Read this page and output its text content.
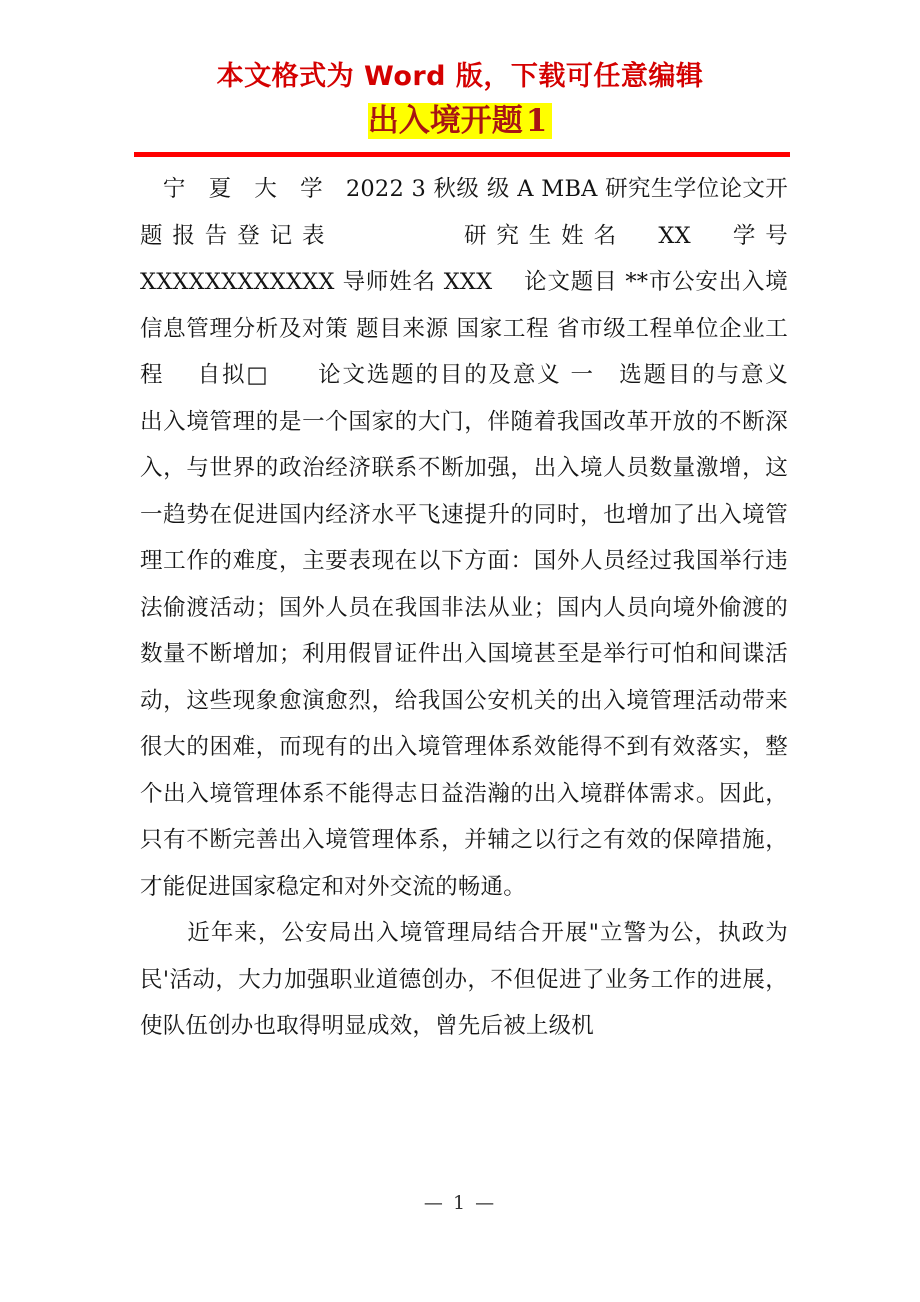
本文格式为 Word 版，下载可任意编辑
出入境开题1

　宁　夏　大　学　2022 3 秋级 级 A MBA 研究生学位论文开题报告登记表　　　　研究生姓名　XX　学号 XXXXXXXXXXXX 导师姓名 XXX　 论文题目 **市公安出入境信息管理分析及对策 题目来源 国家工程 省市级工程单位企业工程　 自拟□　　论文选题的目的及意义 一　选题目的与意义　出入境管理的是一个国家的大门，伴随着我国改革开放的不断深入，与世界的政治经济联系不断加强，出入境人员数量激增，这一趋势在促进国内经济水平飞速提升的同时，也增加了出入境管理工作的难度，主要表现在以下方面：国外人员经过我国举行违法偷渡活动；国外人员在我国非法从业；国内人员向境外偷渡的数量不断增加；利用假冒证件出入国境甚至是举行可怕和间谍活动，这些现象愈演愈烈，给我国公安机关的出入境管理活动带来很大的困难，而现有的出入境管理体系效能得不到有效落实，整个出入境管理体系不能得志日益浩瀚的出入境群体需求。因此，只有不断完善出入境管理体系，并辅之以行之有效的保障措施，才能促进国家稳定和对外交流的畅通。

　　近年来，公安局出入境管理局结合开展"立警为公，执政为民'活动，大力加强职业道德创办，不但促进了业务工作的进展，使队伍创办也取得明显成效，曾先后被上级机

— 1 —
